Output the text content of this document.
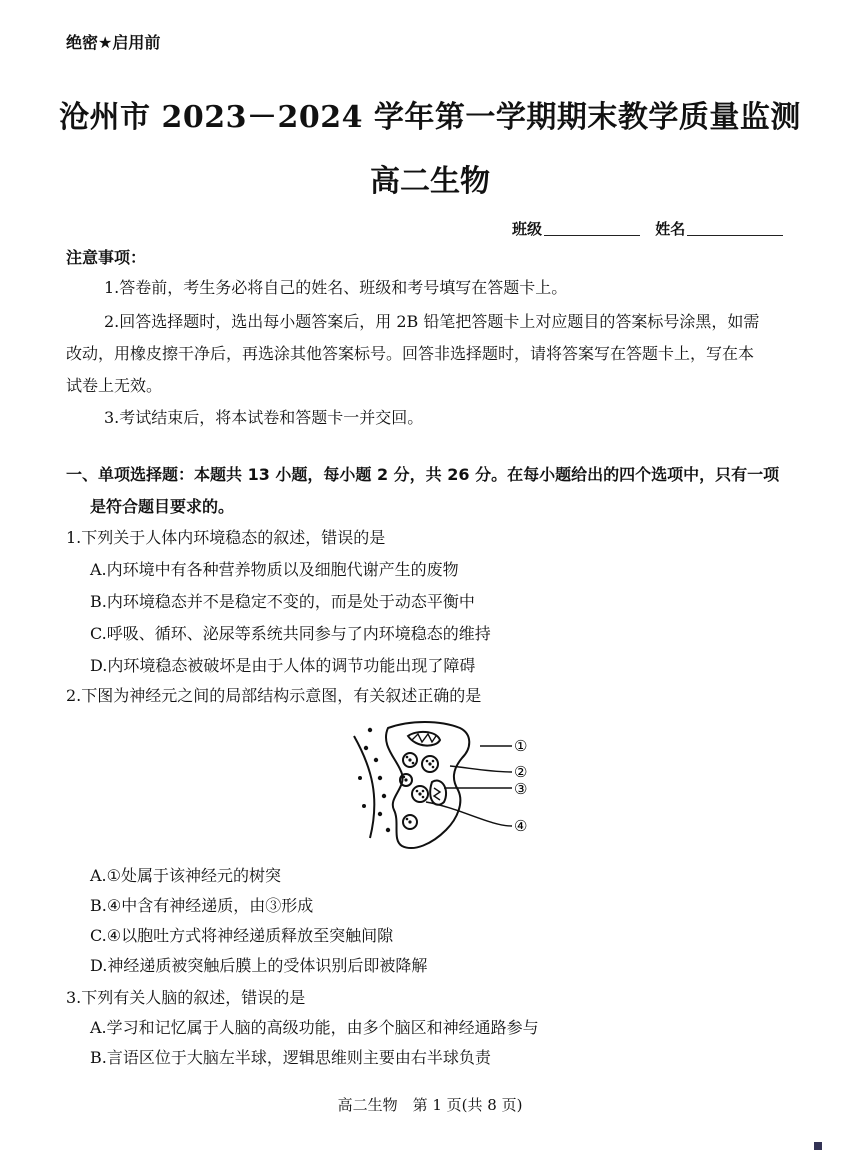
绝密★启用前
沧州市 2023－2024 学年第一学期期末教学质量监测
高二生物
班级	姓名
注意事项：
1.答卷前，考生务必将自己的姓名、班级和考号填写在答题卡上。
2.回答选择题时，选出每小题答案后，用 2B 铅笔把答题卡上对应题目的答案标号涂黑，如需
改动，用橡皮擦干净后，再选涂其他答案标号。回答非选择题时，请将答案写在答题卡上，写在本
试卷上无效。
3.考试结束后，将本试卷和答题卡一并交回。
一、单项选择题：本题共 13 小题，每小题 2 分，共 26 分。在每小题给出的四个选项中，只有一项
是符合题目要求的。
1.下列关于人体内环境稳态的叙述，错误的是
A.内环境中有各种营养物质以及细胞代谢产生的废物
B.内环境稳态并不是稳定不变的，而是处于动态平衡中
C.呼吸、循环、泌尿等系统共同参与了内环境稳态的维持
D.内环境稳态被破坏是由于人体的调节功能出现了障碍
2.下图为神经元之间的局部结构示意图，有关叙述正确的是
①
②
③
④
A.①处属于该神经元的树突
B.④中含有神经递质，由③形成
C.④以胞吐方式将神经递质释放至突触间隙
D.神经递质被突触后膜上的受体识别后即被降解
3.下列有关人脑的叙述，错误的是
A.学习和记忆属于人脑的高级功能，由多个脑区和神经通路参与
B.言语区位于大脑左半球，逻辑思维则主要由右半球负责
高二生物　第 1 页(共 8 页)
